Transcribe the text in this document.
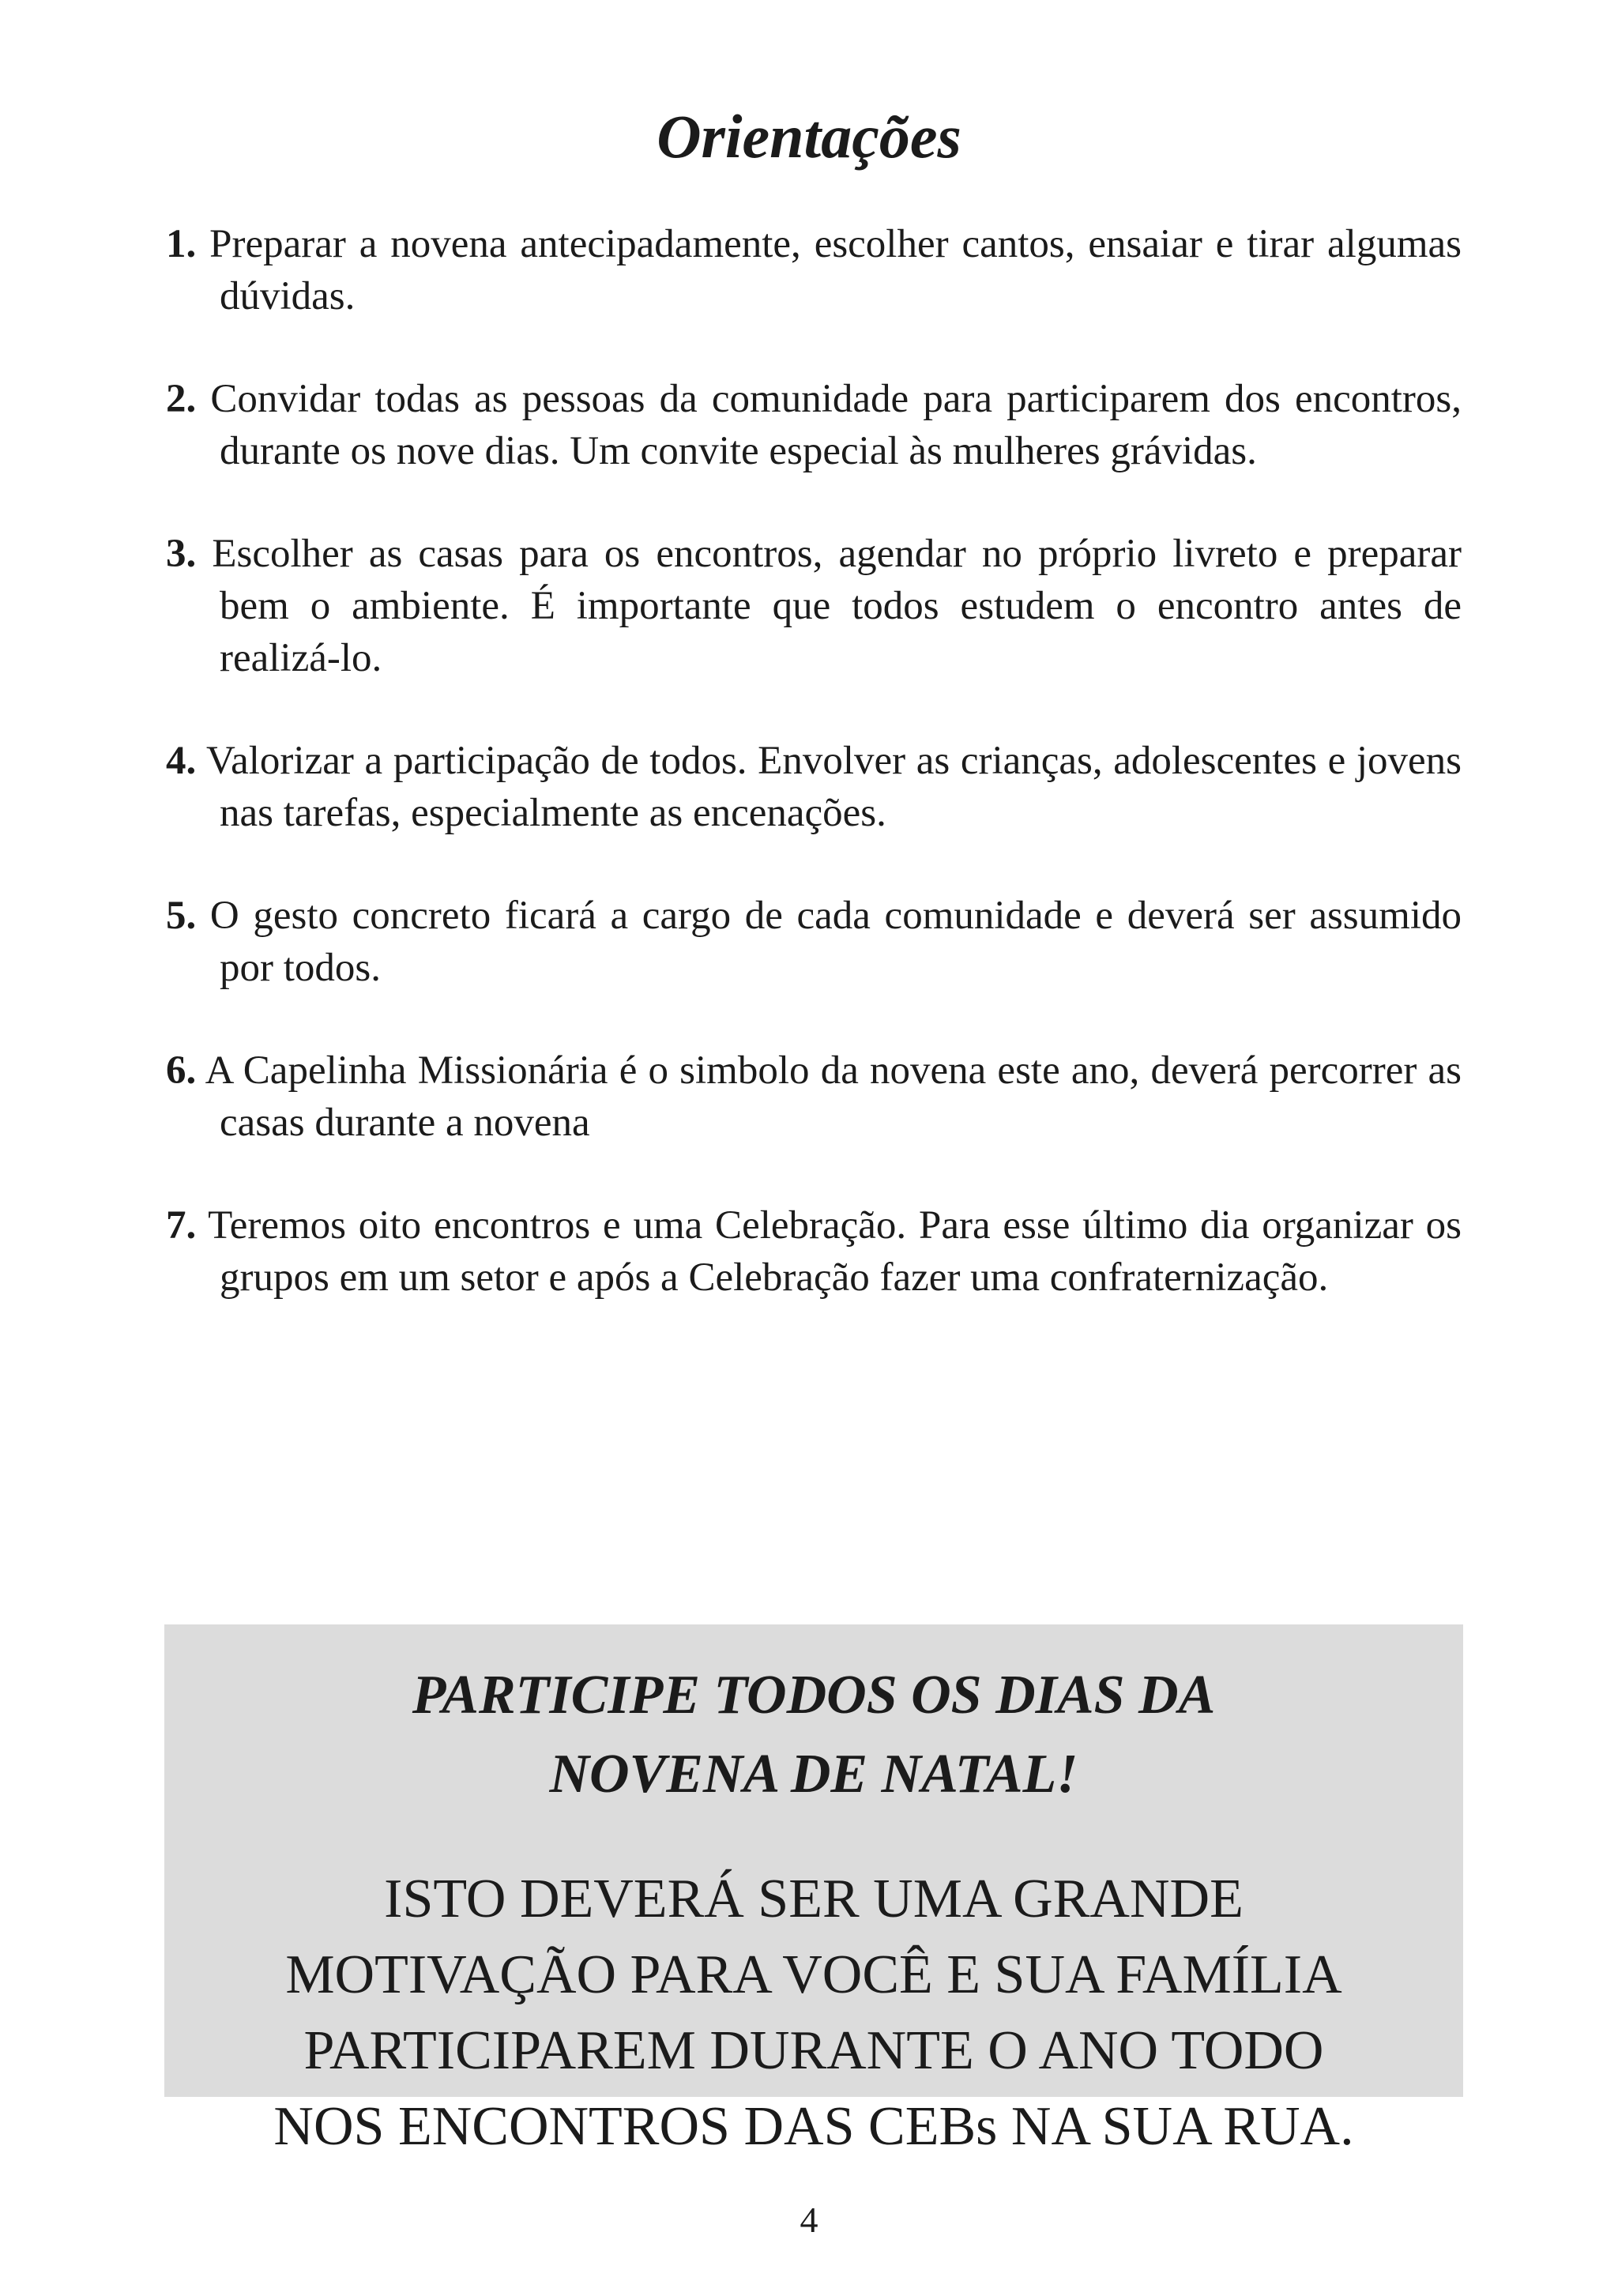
Orientações
1. Preparar a novena antecipadamente, escolher cantos, ensaiar e tirar algumas dúvidas.
2. Convidar todas as pessoas da comunidade para participarem dos encontros, durante os nove dias. Um convite especial às mulheres grávidas.
3. Escolher as casas para os encontros, agendar no próprio livreto e preparar bem o ambiente. É importante que todos estudem o encontro antes de realizá-lo.
4. Valorizar a participação de todos. Envolver as crianças, adolescentes e jovens nas tarefas, especialmente as encenações.
5. O gesto concreto ficará a cargo de cada comunidade e deverá ser assumido por todos.
6. A Capelinha Missionária é o simbolo da novena este ano, deverá percorrer as casas durante a novena
7. Teremos oito encontros e uma Celebração. Para esse último dia organizar os grupos em um setor e após a Celebração fazer uma confraternização.

PARTICIPE TODOS OS DIAS DA
NOVENA DE NATAL!

ISTO DEVERÁ SER UMA GRANDE
MOTIVAÇÃO PARA VOCÊ E SUA FAMÍLIA
PARTICIPAREM DURANTE O ANO TODO
NOS ENCONTROS DAS CEBs NA SUA RUA.

4
